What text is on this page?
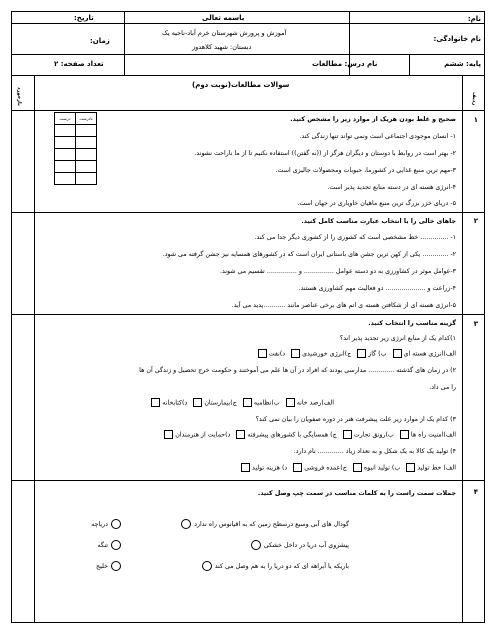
نام:
باسمه تعالی
تاریخ:
نام خانوادگی:
آموزش و پرورش شهرستان خرم آباد-ناحیه یک
دبستان: شهید کلاهدوز
زمان:
پایه: ششم
نام درس: مطالعات
تعداد صفحه: ۲
سوالات مطالعات(نوبت دوم)
بازخورد	ردیف
۱
درست	نادرست

		صحیح و غلط بودن هریک از موارد زیر را مشخص کنید.
۱- انسان موجودی اجتماعی است ونمی تواند تنها زندگی کند.
۲- بهتر است در روابط با دوستان و دیگران هرگز از ((نه گفتن)) استفاده نکنیم تا از ما ناراحت نشوند.
۳-مهم ترین منبع غذایی در کشورما، حبوبات ومحصولات جالیزی است.
۴-انرژی هسته ای در دسته منابع تجدید پذیر است.
۵- دریای خزر بزرگ ترین منبع ماهیان خاویاری در جهان است.
۲
جاهای خالی را با انتخاب عبارت مناسب کامل کنید.
۱- .............. خط مشخصی است که کشوری را از کشوری دیگر جدا می کند.
۲- ............. یکی از کهن ترین جشن های باستانی ایران است که در کشورهای همسایه نیز جشن گرفته می شود.
۳-عوامل موثر در کشاورزی به دو دسته عوامل ............... و ............... تقسیم می شوند.
۴-زراعت و .................... دو فعالیت مهم کشاورزی هستند.
۵-انرژی هسته ای از شکافتن هسته ی اتم های برخی عناصر مانند ...........پدید می آید.
۳
گزینه مناسب را انتخاب کنید.
۱)کدام یک از منابع انرژی زیر تجدید پذیر اند؟
الف)انرژی هسته ای  ب) گاز  ج)انرژی خورشیدی  د)نفت
۲) در زمان های گذشته ............. مدارسی بودند که افراد در آن ها علم می آموختند و حکومت خرج تحصیل و زندگی آن ها
را می داد.
الف)رصد خانه  ب)نظامیه  ج)بیمارستان  د)کتابخانه
۳) کدام یک از موارد زیر علت پیشرفت هنر در دوره صفویان را بیان نمی کند؟
الف)امنیت راه ها  ب)رونق تجارت  ج) همسایگی با کشورهای پیشرفته  د)حمایت از هنرمندان
۴) تولید یک کالا به یک شکل و به تعداد زیاد ............. نام دارد.
الف) خط تولید  ب) تولید انبوه  ج)عمده فروشی  د) هزینه تولید
۴
جملات سمت راست را به کلمات مناسب در سمت چپ وصل کنید.
گودال های آبی وسیع درسطح زمین که به اقیانوس راه ندارد
پیشروی آب دریا در داخل خشکی
باریکه یا آبراهه ای که دو دریا را به هم وصل می کند
دریاچه
تنگه
خلیج
